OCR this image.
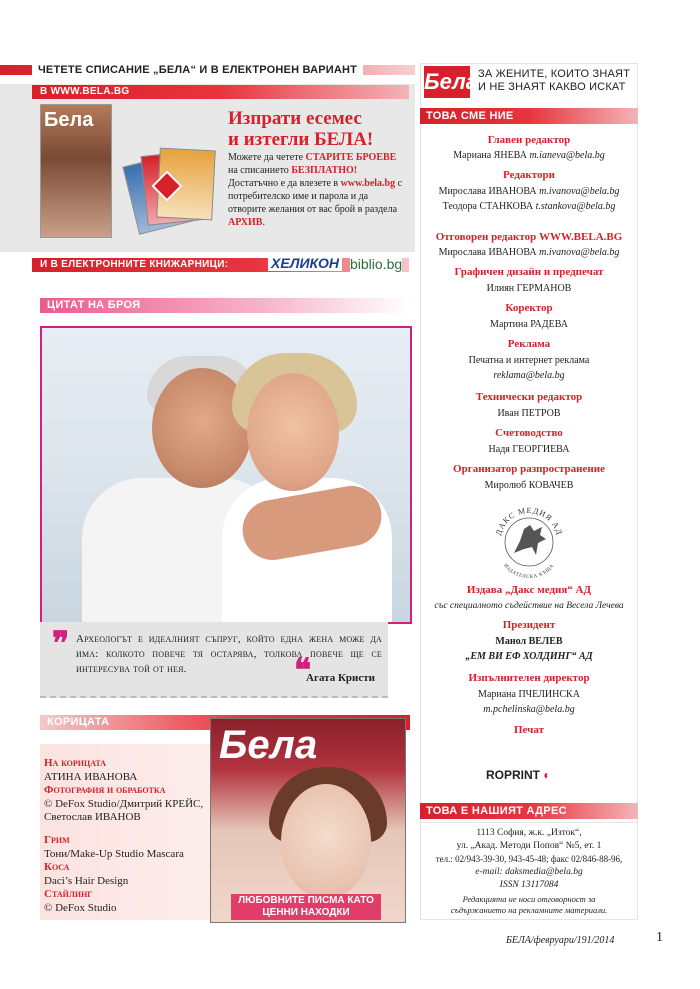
ЧЕТЕТЕ СПИСАНИЕ „БЕЛА“ И В ЕЛЕКТРОНЕН ВАРИАНТ
В WWW.BELA.BG
Бела	Изпрати есемес
и изтегли БЕЛА!
Можете да четете СТАРИТЕ БРОЕВЕ на списанието БЕЗПЛАТНО! Достатъчно е да влезете в www.bela.bg с потребителско име и парола и да отворите желания от вас брой в раздела АРХИВ.
И В ЕЛЕКТРОННИТЕ КНИЖАРНИЦИ:	ХЕЛИКОН biblio.bg
ЦИТАТ НА БРОЯ
❞ Археологът е идеалният съпруг, който една жена може да има: колкото повече тя остарява, толкова повече ще се интересува той от нея.	❝
Агата Кристи
КОРИЦАТА
На корицата
АТИНА ИВАНОВА
Фотография и обработка
© DeFox Studio/Дмитрий КРЕЙС, Светослав ИВАНОВ
Грим
Тони/Make-Up Studio Mascara
Коса
Daci’s Hair Design
Стайлинг
© DeFox Studio
Бела
ЛЮБОВНИТЕ ПИСМА КАТО ЦЕННИ НАХОДКИ
Бела ЗА ЖЕНИТЕ, КОИТО ЗНАЯТ И НЕ ЗНАЯТ КАКВО ИСКАТ
ТОВА СМЕ НИЕ
Главен редактор
Мариана ЯНЕВА m.ianeva@bela.bg
Редактори
Мирослава ИВАНОВА m.ivanova@bela.bg
Теодора СТАНКОВА t.stankova@bela.bg
Отговорен редактор WWW.BELA.BG
Мирослава ИВАНОВА m.ivanova@bela.bg
Графичен дизайн и предпечат
Илиян ГЕРМАНОВ
Коректор
Мартина РАДЕВА
Реклама
Печатна и интернет реклама
reklama@bela.bg
Технически редактор
Иван ПЕТРОВ
Счетоводство
Надя ГЕОРГИЕВА
Организатор разпространение
Миролюб КОВАЧЕВ
ДАКС МЕДИЯ АД
ИЗДАТЕЛСКА КЪЩА
Издава „Дакс медия“ АД
със специалното съдействие на Весела Лечева
Президент
Манол ВЕЛЕВ
„ЕМ ВИ ЕФ ХОЛДИНГ“ АД
Изпълнителен директор
Мариана ПЧЕЛИНСКА
m.pchelinska@bela.bg
Печат
ROPRINT ◐
ТОВА Е НАШИЯТ АДРЕС
1113 София, ж.к. „Изток“,
ул. „Акад. Методи Попов“ №5, ет. 1
тел.: 02/943-39-30, 943-45-48; факс 02/846-88-96,
e-mail: daksmedia@bela.bg
ISSN 13117084
Редакцията не носи отговорност за съдържанието на рекламните материали.
БЕЛА/февруари/191/2014	1
